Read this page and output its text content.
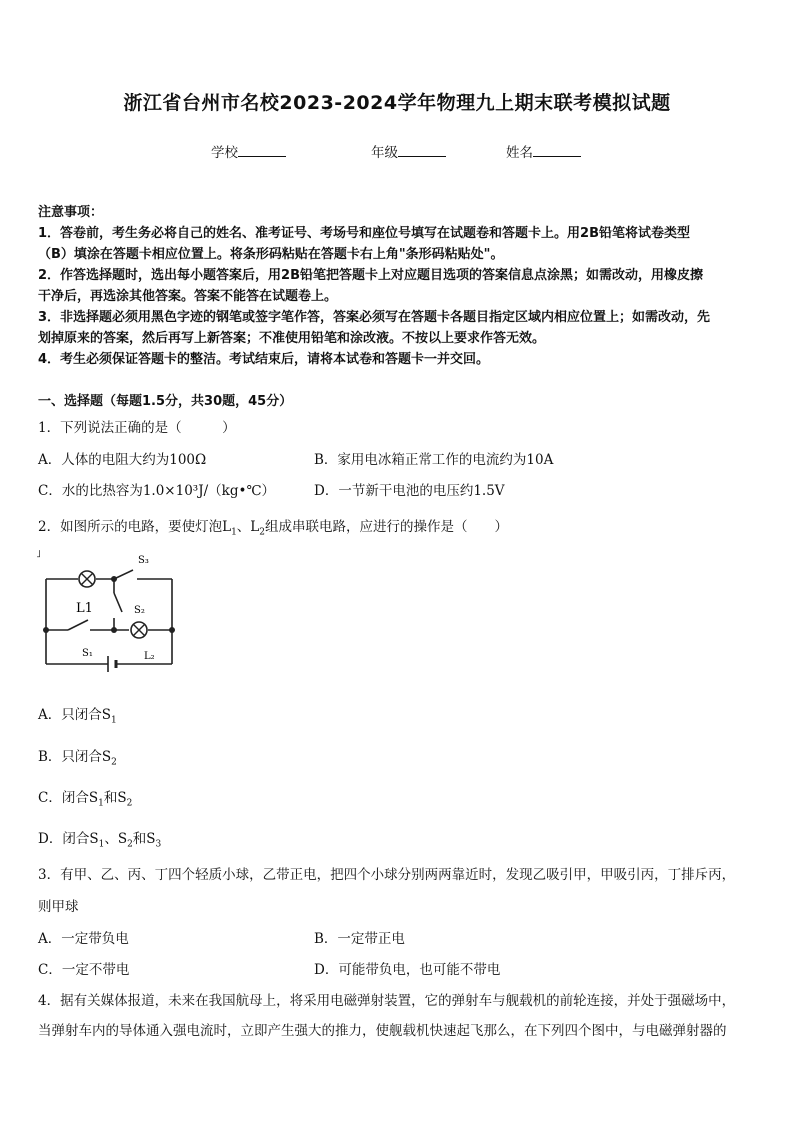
浙江省台州市名校2023-2024学年物理九上期末联考模拟试题
学校	年级	姓名
注意事项：
1．答卷前，考生务必将自己的姓名、准考证号、考场号和座位号填写在试题卷和答题卡上。用2B铅笔将试卷类型
（B）填涂在答题卡相应位置上。将条形码粘贴在答题卡右上角"条形码粘贴处"。
2．作答选择题时，选出每小题答案后，用2B铅笔把答题卡上对应题目选项的答案信息点涂黑；如需改动，用橡皮擦
干净后，再选涂其他答案。答案不能答在试题卷上。
3．非选择题必须用黑色字迹的钢笔或签字笔作答，答案必须写在答题卡各题目指定区域内相应位置上；如需改动，先
划掉原来的答案，然后再写上新答案；不准使用铅笔和涂改液。不按以上要求作答无效。
4．考生必须保证答题卡的整洁。考试结束后，请将本试卷和答题卡一并交回。
一、选择题（每题1.5分，共30题，45分）
1．下列说法正确的是（　　　）
A．人体的电阻大约为100Ω	B．家用电冰箱正常工作的电流约为10A
C．水的比热容为1.0×10³J/（kg•℃）	D．一节新干电池的电压约1.5V
2．如图所示的电路，要使灯泡$L_1$、$L_2$组成串联电路，应进行的操作是（　　）
˩
S₃
L1	S₂
S₁	L₂
A．只闭合$S_1$
B．只闭合$S_2$
C．闭合$S_1$和$S_2$
D．闭合$S_1$、$S_2$和$S_3$
3．有甲、乙、丙、丁四个轻质小球，乙带正电，把四个小球分别两两靠近时，发现乙吸引甲，甲吸引丙，丁排斥丙，
则甲球
A．一定带负电	B．一定带正电
C．一定不带电	D．可能带负电，也可能不带电
4．据有关媒体报道，未来在我国航母上，将采用电磁弹射装置，它的弹射车与舰载机的前轮连接，并处于强磁场中，
当弹射车内的导体通入强电流时，立即产生强大的推力，使舰载机快速起飞那么，在下列四个图中，与电磁弹射器的
